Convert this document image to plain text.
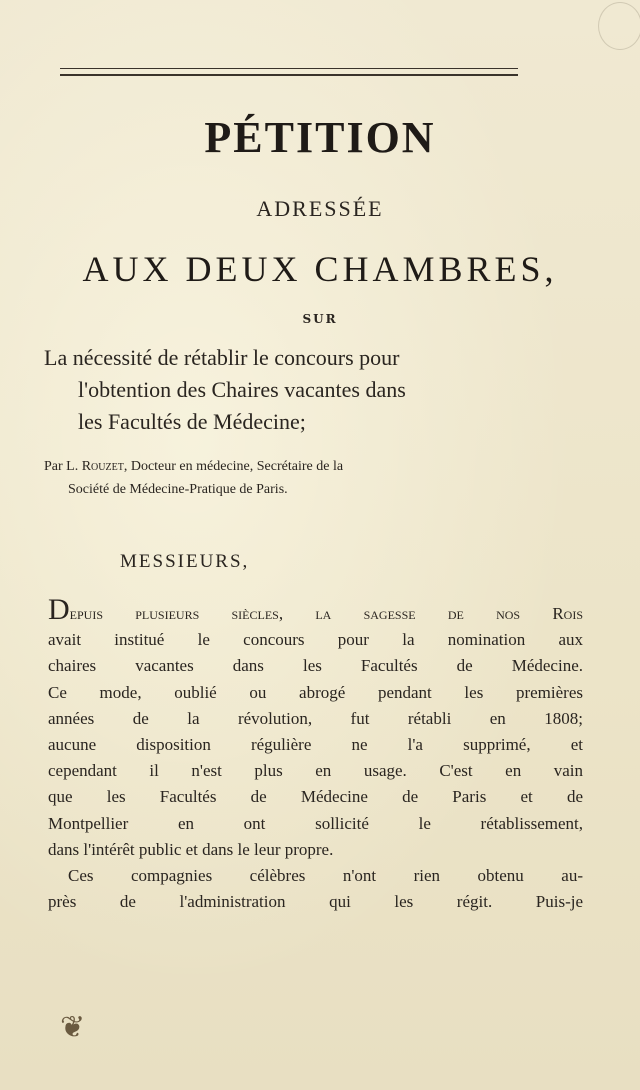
PÉTITION
ADRESSÉE
AUX DEUX CHAMBRES,
SUR
La nécessité de rétablir le concours pour
l'obtention des Chaires vacantes dans
les Facultés de Médecine;
Par L. Rouzet, Docteur en médecine, Secrétaire de la
Société de Médecine-Pratique de Paris.
MESSIEURS,
Depuis plusieurs siècles, la sagesse de nos Rois
avait institué le concours pour la nomination aux
chaires vacantes dans les Facultés de Médecine.
Ce mode, oublié ou abrogé pendant les premières
années de la révolution, fut rétabli en 1808;
aucune disposition régulière ne l'a supprimé, et
cependant il n'est plus en usage. C'est en vain
que les Facultés de Médecine de Paris et de
Montpellier en ont sollicité le rétablissement,
dans l'intérêt public et dans le leur propre.
Ces compagnies célèbres n'ont rien obtenu au-
près de l'administration qui les régit. Puis-je
❦
